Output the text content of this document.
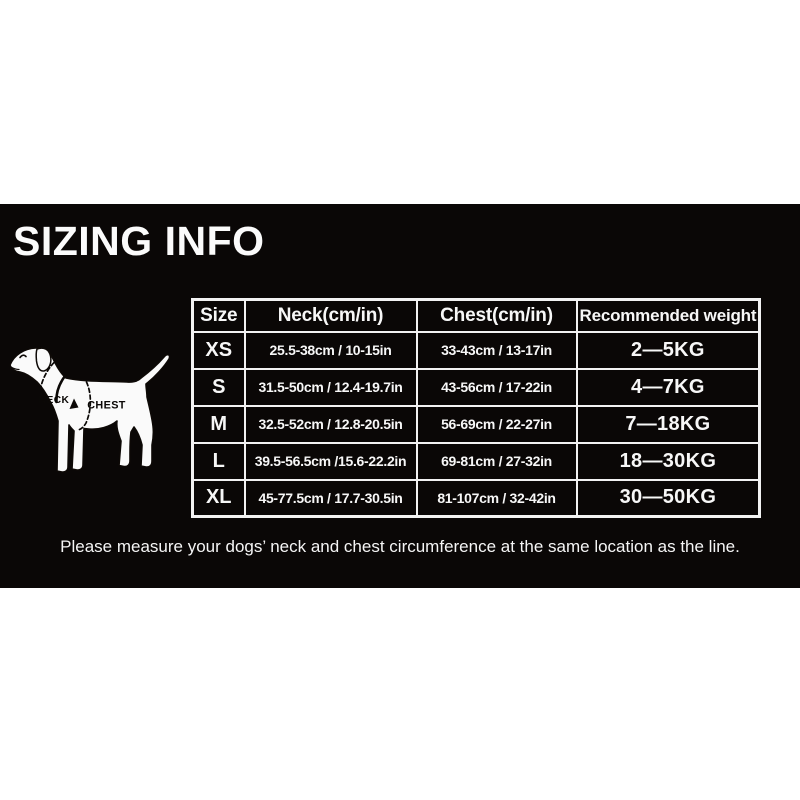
SIZING INFO
NECK CHEST
Size	Neck(cm/in)	Chest(cm/in)	Recommended weight
XS	25.5-38cm / 10-15in	33-43cm / 13-17in	2—5KG
S	31.5-50cm / 12.4-19.7in	43-56cm / 17-22in	4—7KG
M	32.5-52cm / 12.8-20.5in	56-69cm / 22-27in	7—18KG
L	39.5-56.5cm /15.6-22.2in	69-81cm / 27-32in	18—30KG
XL	45-77.5cm / 17.7-30.5in	81-107cm / 32-42in	30—50KG

Please measure your dogs’ neck and chest circumference at the same location as the line.
